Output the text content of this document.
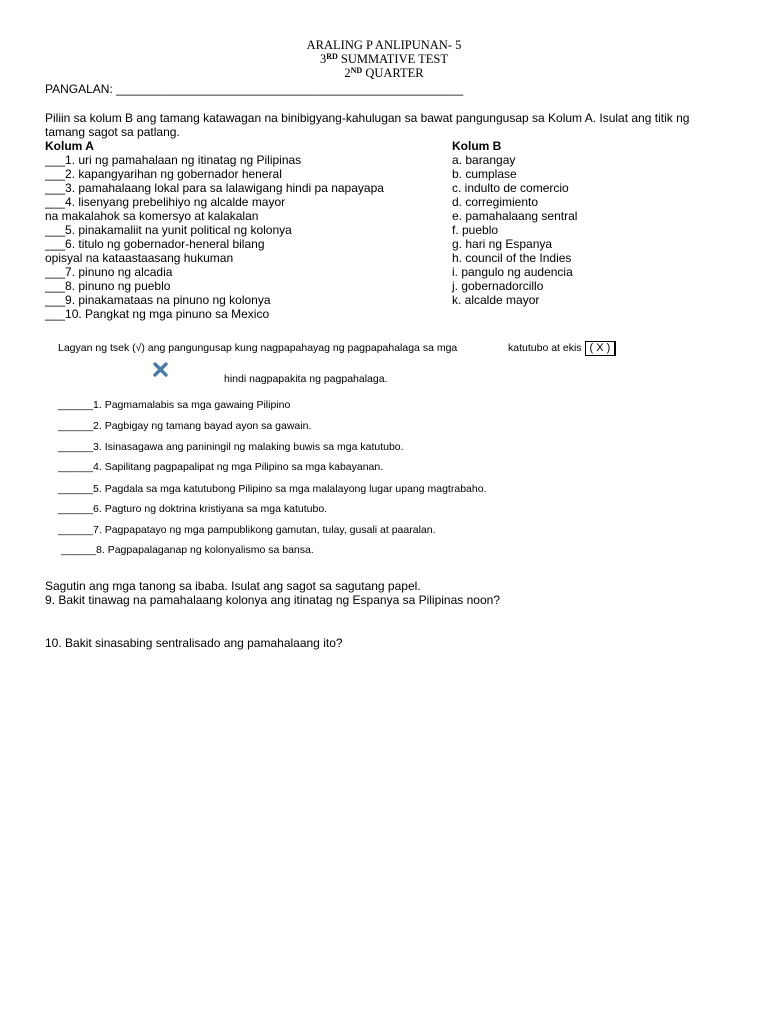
ARALING P ANLIPUNAN- 5
3RD SUMMATIVE TEST
2ND QUARTER
PANGALAN: ____________________________________________________
Piliin sa kolum B ang tamang katawagan na binibigyang-kahulugan sa bawat pangungusap sa Kolum A. Isulat ang titik ng
tamang sagot sa patlang.
Kolum A
___1. uri ng pamahalaan ng itinatag ng Pilipinas
___2. kapangyarihan ng gobernador heneral
___3. pamahalaang lokal para sa lalawigang hindi pa napayapa
___4. lisenyang prebelihiyo ng alcalde mayor
na makalahok sa komersyo at kalakalan
___5. pinakamaliit na yunit political ng kolonya
___6. titulo ng gobernador-heneral bilang
opisyal na kataastaasang hukuman
___7. pinuno ng alcadia
___8. pinuno ng pueblo
___9. pinakamataas na pinuno ng kolonya
___10. Pangkat ng mga pinuno sa Mexico
Kolum B
a. barangay
b. cumplase
c. indulto de comercio
d. corregimiento
e. pamahalaang sentral
f. pueblo
g. hari ng Espanya
h. council of the Indies
i. pangulo ng audencia
j. gobernadorcillo
k. alcalde mayor
Lagyan ng tsek (√) ang pangungusap kung nagpapahayag ng pagpapahalaga sa mga	katutubo at ekis ( X )
hindi nagpapakita ng pagpahalaga.
______1. Pagmamalabis sa mga gawaing Pilipino
______2. Pagbigay ng tamang bayad ayon sa gawain.
______3. Isinasagawa ang paniningil ng malaking buwis sa mga katutubo.
______4. Sapilitang pagpapalipat ng mga Pilipino sa mga kabayanan.
______5. Pagdala sa mga katutubong Pilipino sa mga malalayong lugar upang magtrabaho.
______6. Pagturo ng doktrina kristiyana sa mga katutubo.
______7. Pagpapatayo ng mga pampublikong gamutan, tulay, gusali at paaralan.
______8. Pagpapalaganap ng kolonyalismo sa bansa.
Sagutin ang mga tanong sa ibaba. Isulat ang sagot sa sagutang papel.
9. Bakit tinawag na pamahalaang kolonya ang itinatag ng Espanya sa Pilipinas noon?
10. Bakit sinasabing sentralisado ang pamahalaang ito?
